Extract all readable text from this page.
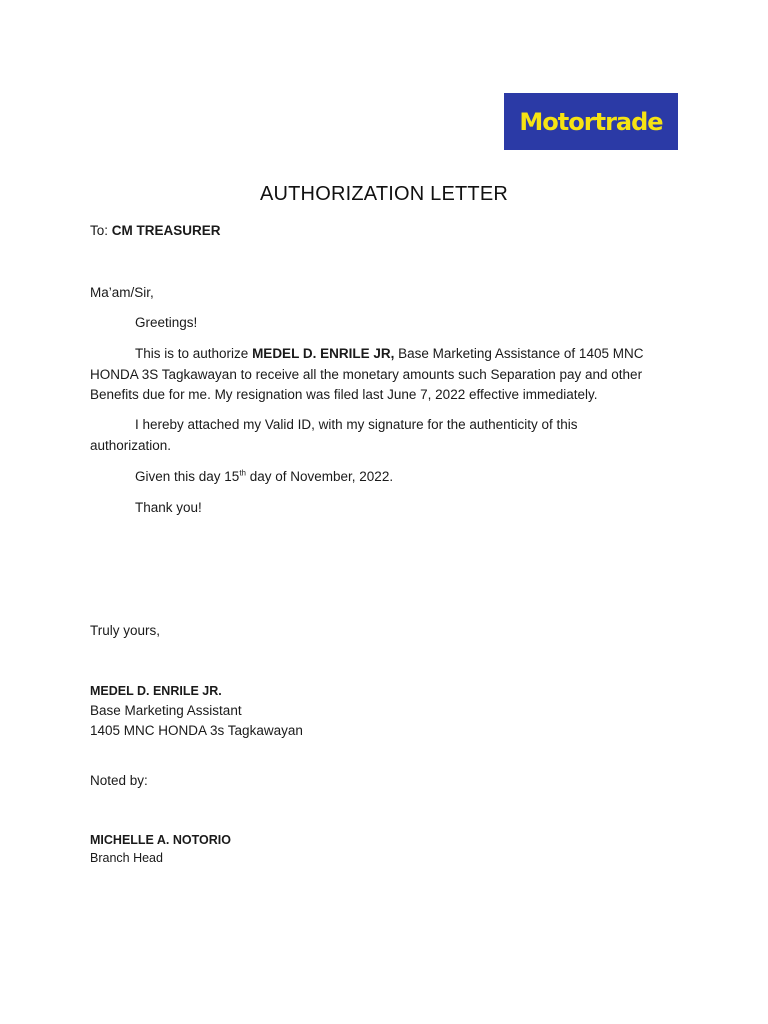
Motortrade
AUTHORIZATION LETTER
To: CM TREASURER
Ma’am/Sir,
Greetings!
This is to authorize MEDEL D. ENRILE JR, Base Marketing Assistance of 1405 MNC
HONDA 3S Tagkawayan to receive all the monetary amounts such Separation pay and other
Benefits due for me. My resignation was filed last June 7, 2022 effective immediately.
I hereby attached my Valid ID, with my signature for the authenticity of this
authorization.
Given this day 15th day of November, 2022.
Thank you!
Truly yours,
MEDEL D. ENRILE JR.
Base Marketing Assistant
1405 MNC HONDA 3s Tagkawayan
Noted by:
MICHELLE A. NOTORIO
Branch Head
